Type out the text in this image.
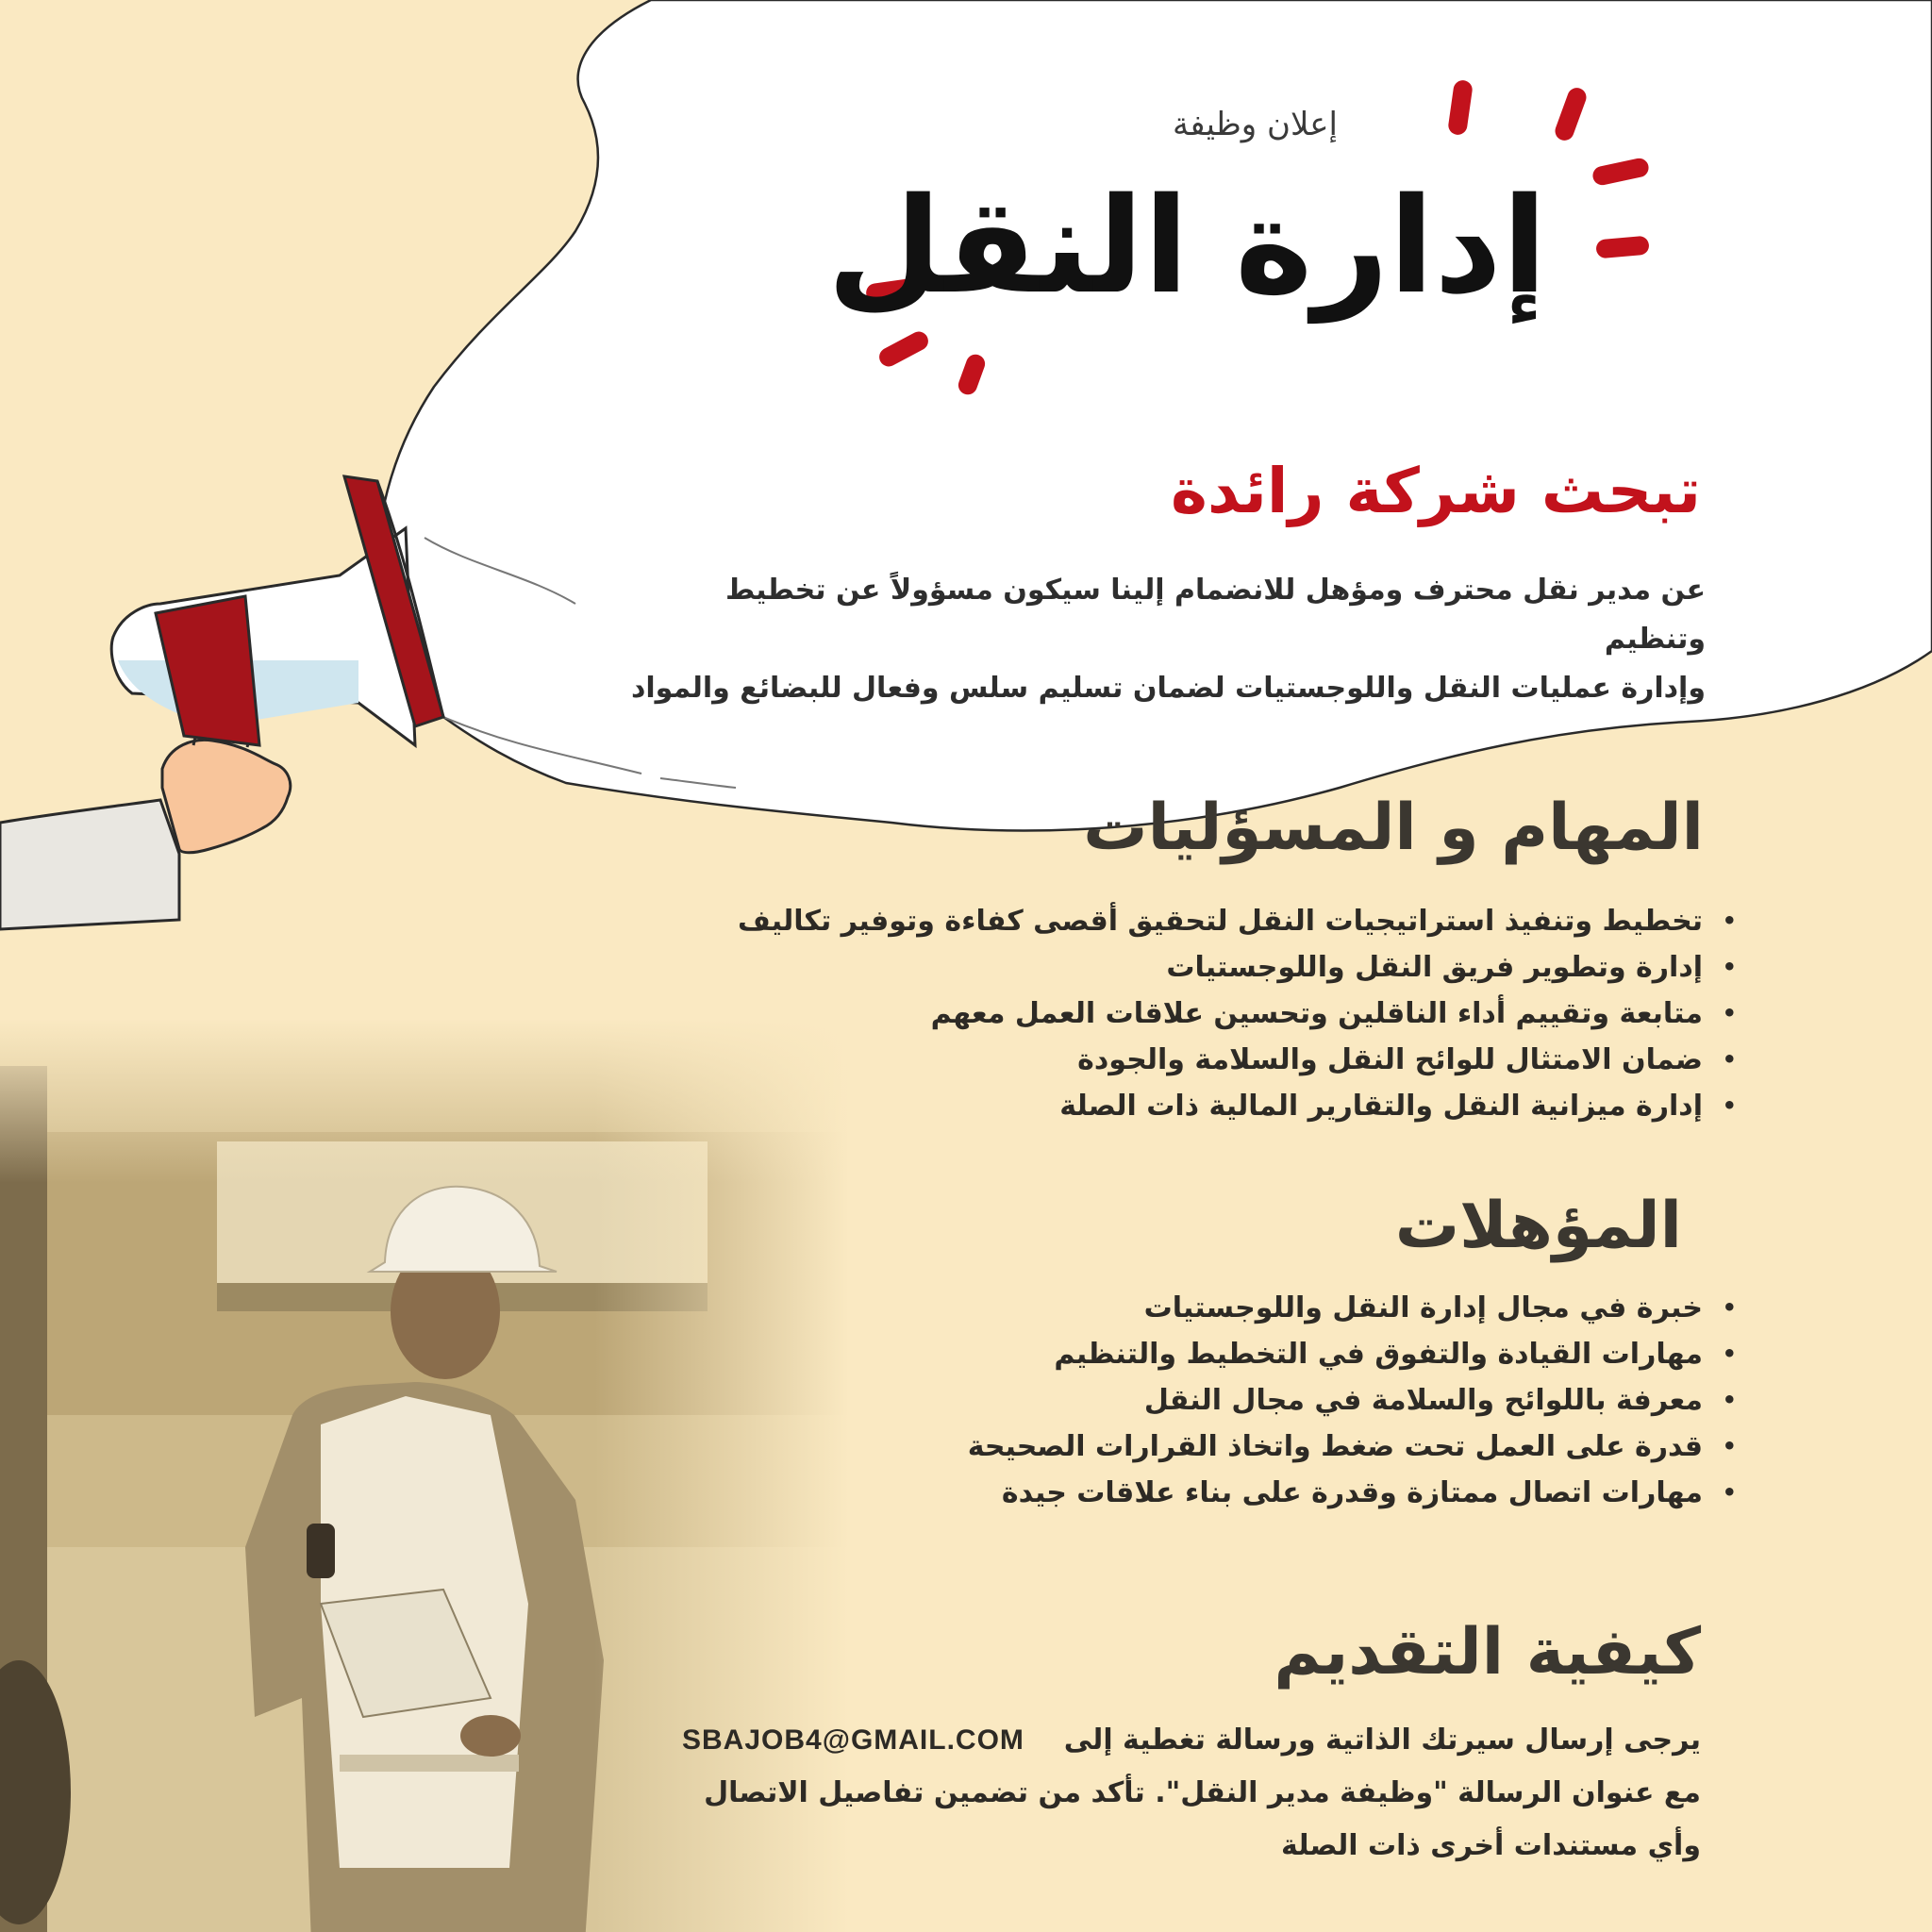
إعلان وظيفة
إدارة النقل
تبحث شركة رائدة
عن مدير نقل محترف ومؤهل للانضمام إلينا سيكون مسؤولاً عن تخطيط وتنظيم
وإدارة عمليات النقل واللوجستيات لضمان تسليم سلس وفعال للبضائع والمواد
المهام و المسؤليات
تخطيط وتنفيذ استراتيجيات النقل لتحقيق أقصى كفاءة وتوفير تكاليف •
إدارة وتطوير فريق النقل واللوجستيات •
متابعة وتقييم أداء الناقلين وتحسين علاقات العمل معهم •
ضمان الامتثال للوائح النقل والسلامة والجودة •
إدارة ميزانية النقل والتقارير المالية ذات الصلة •
المؤهلات
خبرة في مجال إدارة النقل واللوجستيات •
مهارات القيادة والتفوق في التخطيط والتنظيم •
معرفة باللوائح والسلامة في مجال النقل •
قدرة على العمل تحت ضغط واتخاذ القرارات الصحيحة •
مهارات اتصال ممتازة وقدرة على بناء علاقات جيدة •
كيفية التقديم
يرجى إرسال سيرتك الذاتية ورسالة تغطية إلى    SBAJOB4@GMAIL.COM
مع عنوان الرسالة "وظيفة مدير النقل". تأكد من تضمين تفاصيل الاتصال
وأي مستندات أخرى ذات الصلة
